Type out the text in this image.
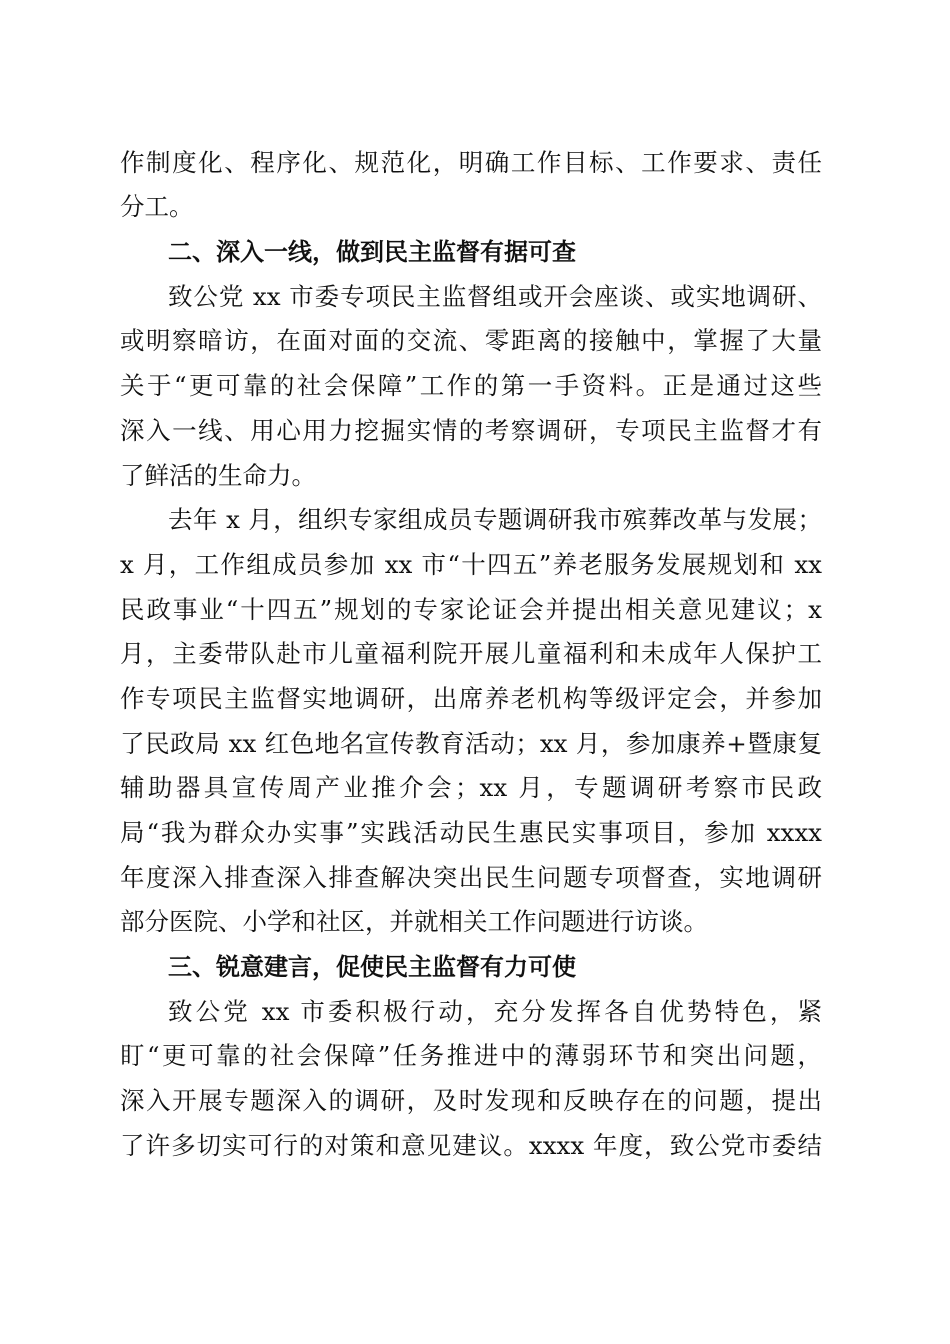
作制度化、程序化、规范化，明确工作目标、工作要求、责任

分工。

二、深入一线，做到民主监督有据可查

致公党 xx 市委专项民主监督组或开会座谈、或实地调研、

或明察暗访，在面对面的交流、零距离的接触中，掌握了大量

关于“更可靠的社会保障”工作的第一手资料。正是通过这些

深入一线、用心用力挖掘实情的考察调研，专项民主监督才有

了鲜活的生命力。

去年 x 月，组织专家组成员专题调研我市殡葬改革与发展；

x 月，工作组成员参加 xx 市“十四五”养老服务发展规划和 xx

民政事业“十四五”规划的专家论证会并提出相关意见建议；x

月，主委带队赴市儿童福利院开展儿童福利和未成年人保护工

作专项民主监督实地调研，出席养老机构等级评定会，并参加

了民政局 xx 红色地名宣传教育活动；xx 月，参加康养+暨康复

辅助器具宣传周产业推介会；xx 月，专题调研考察市民政

局“我为群众办实事”实践活动民生惠民实事项目，参加 xxxx

年度深入排查深入排查解决突出民生问题专项督查，实地调研

部分医院、小学和社区，并就相关工作问题进行访谈。

三、锐意建言，促使民主监督有力可使

致公党 xx 市委积极行动，充分发挥各自优势特色，紧

盯“更可靠的社会保障”任务推进中的薄弱环节和突出问题，

深入开展专题深入的调研，及时发现和反映存在的问题，提出

了许多切实可行的对策和意见建议。xxxx 年度，致公党市委结
